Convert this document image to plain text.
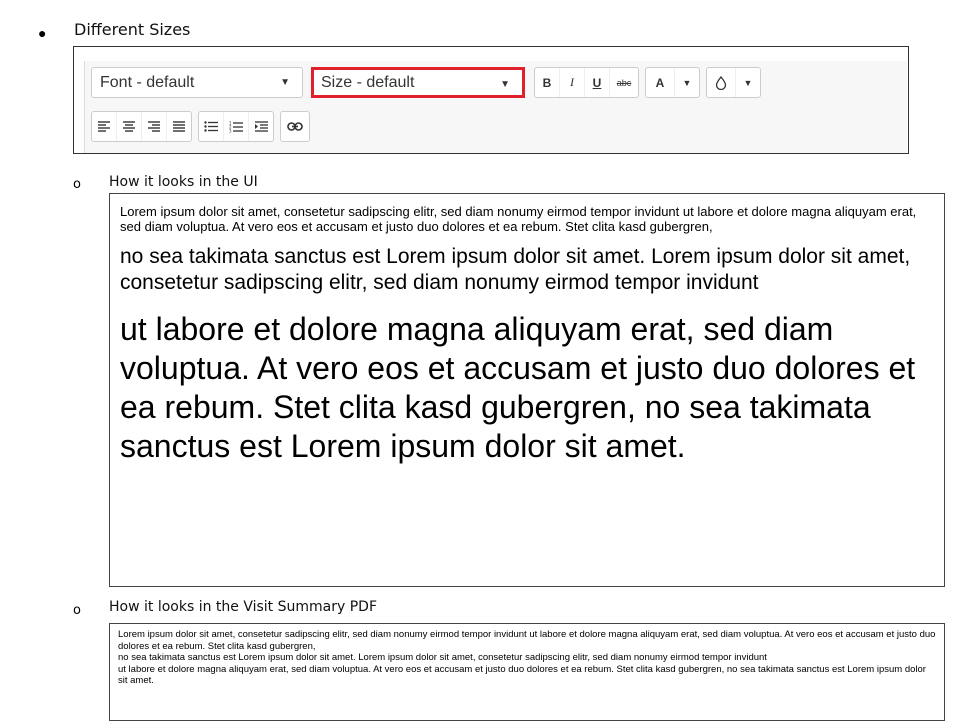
● Different Sizes
Font - default	▼ Size - default	▼	B	I	U	abc	A	▼	▼
1
2
3
o How it looks in the UI

Lorem ipsum dolor sit amet, consetetur sadipscing elitr, sed diam nonumy eirmod tempor invidunt ut labore et dolore magna aliquyam erat, sed diam voluptua. At vero eos et accusam et justo duo dolores et ea rebum. Stet clita kasd gubergren,

no sea takimata sanctus est Lorem ipsum dolor sit amet. Lorem ipsum dolor sit amet, consetetur sadipscing elitr, sed diam nonumy eirmod tempor invidunt

ut labore et dolore magna aliquyam erat, sed diam voluptua. At vero eos et accusam et justo duo dolores et ea rebum. Stet clita kasd gubergren, no sea takimata sanctus est Lorem ipsum dolor sit amet.

o How it looks in the Visit Summary PDF

Lorem ipsum dolor sit amet, consetetur sadipscing elitr, sed diam nonumy eirmod tempor invidunt ut labore et dolore magna aliquyam erat, sed diam voluptua. At vero eos et accusam et justo duo dolores et ea rebum. Stet clita kasd gubergren,

no sea takimata sanctus est Lorem ipsum dolor sit amet. Lorem ipsum dolor sit amet, consetetur sadipscing elitr, sed diam nonumy eirmod tempor invidunt

ut labore et dolore magna aliquyam erat, sed diam voluptua. At vero eos et accusam et justo duo dolores et ea rebum. Stet clita kasd gubergren, no sea takimata sanctus est Lorem ipsum dolor sit amet.
